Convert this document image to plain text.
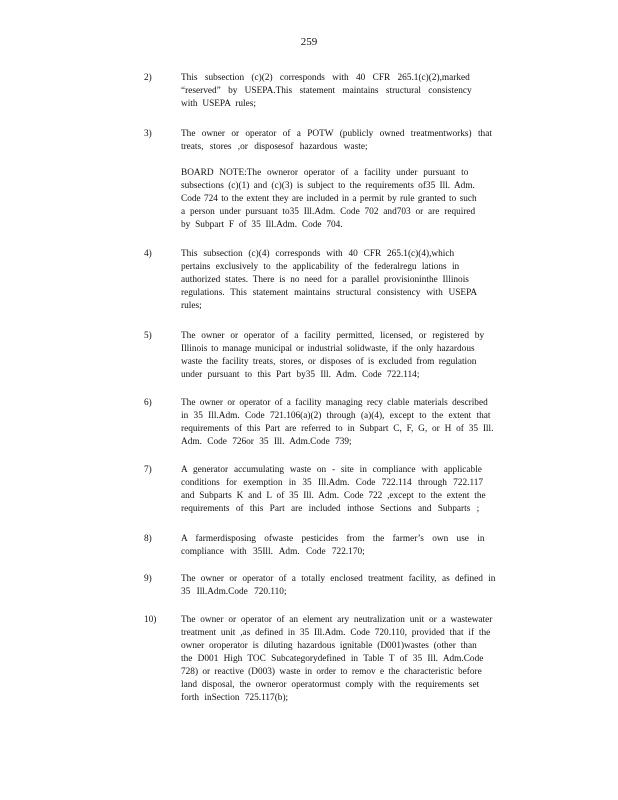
259
2)	This subsection (c)(2) corresponds with 40 CFR 265.1(c)(2),marked
“reserved” by USEPA.This statement maintains structural consistency
with USEPA rules;
3)	The owner or operator of a POTW (publicly owned treatmentworks) that
treats, stores ,or disposesof hazardous waste;
BOARD NOTE:The owneror operator of a facility under pursuant to
subsections (c)(1) and (c)(3) is subject to the requirements of35 Ill. Adm.
Code 724 to the extent they are included in a permit by rule granted to such
a person under pursuant to35 Ill.Adm. Code 702 and703 or are required
by Subpart F of 35 Ill.Adm. Code 704.
4)	This subsection (c)(4) corresponds with 40 CFR 265.1(c)(4),which
pertains exclusively to the applicability of the federalregu lations in
authorized states. There is no need for a parallel provisioninthe Illinois
regulations. This statement maintains structural consistency with USEPA
rules;
5)	The owner or operator of a facility permitted, licensed, or registered by
Illinois to manage municipal or industrial solidwaste, if the only hazardous
waste the facility treats, stores, or disposes of is excluded from regulation
under pursuant to this Part by35 Ill. Adm. Code 722.114;
6)	The owner or operator of a facility managing recy clable materials described
in 35 Ill.Adm. Code 721.106(a)(2) through (a)(4), except to the extent that
requirements of this Part are referred to in Subpart C, F, G, or H of 35 Ill.
Adm. Code 726or 35 Ill. Adm.Code 739;
7)	A generator accumulating waste on - site in compliance with applicable
conditions for exemption in 35 Ill.Adm. Code 722.114 through 722.117
and Subparts K and L of 35 Ill. Adm. Code 722 ,except to the extent the
requirements of this Part are included inthose Sections and Subparts ;
8)	A farmerdisposing ofwaste pesticides from the farmer’s own use in
compliance with 35Ill. Adm. Code 722.170;
9)	The owner or operator of a totally enclosed treatment facility, as defined in
35 Ill.Adm.Code 720.110;
10)	The owner or operator of an element ary neutralization unit or a wastewater
treatment unit ,as defined in 35 Ill.Adm. Code 720.110, provided that if the
owner oroperator is diluting hazardous ignitable (D001)wastes (other than
the D001 High TOC Subcategorydefined in Table T of 35 Ill. Adm.Code
728) or reactive (D003) waste in order to remov e the characteristic before
land disposal, the owneror operatormust comply with the requirements set
forth inSection 725.117(b);
